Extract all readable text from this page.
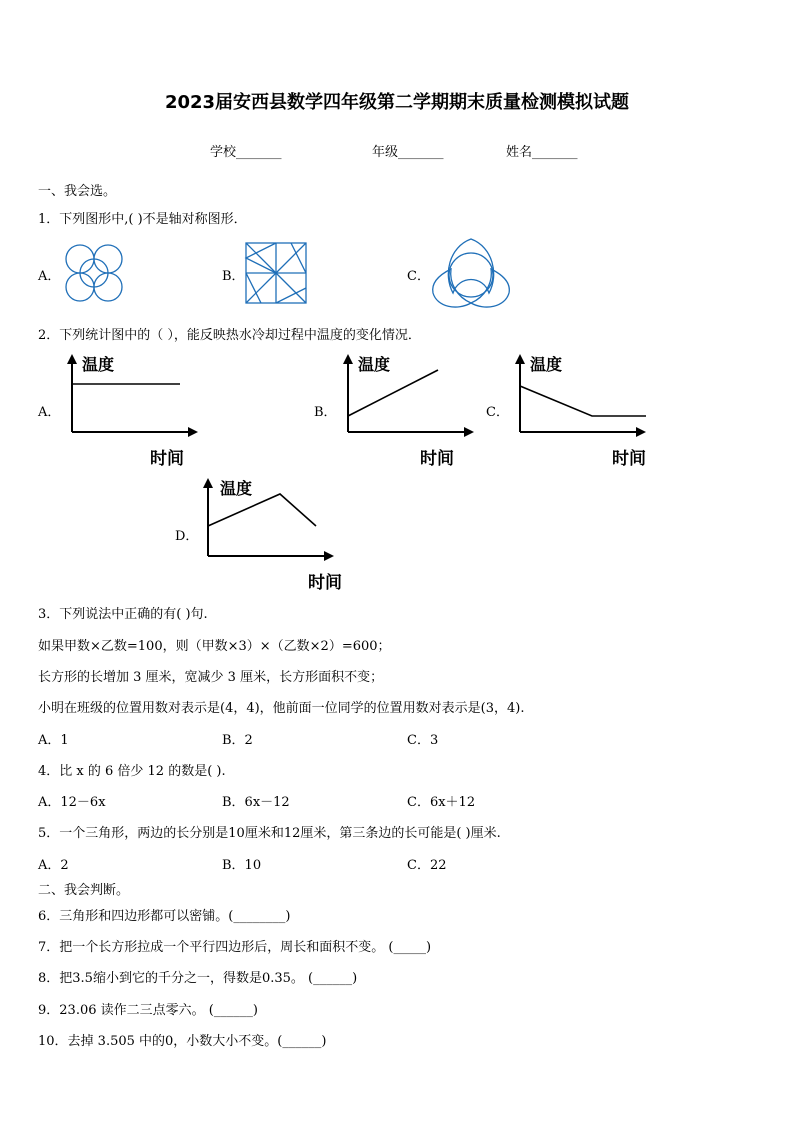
2023届安西县数学四年级第二学期期末质量检测模拟试题
学校_______	年级_______	姓名_______
一、我会选。
1．下列图形中,( )不是轴对称图形．
A．	B．	C．
2．下列统计图中的（ ），能反映热水冷却过程中温度的变化情况．
A．
温度
时间
B．
温度
时间
C．
温度
时间
D．
温度
时间
3．下列说法中正确的有( )句.
如果甲数×乙数=100，则（甲数×3）×（乙数×2）=600；
长方形的长增加 3 厘米，宽减少 3 厘米，长方形面积不变；
小明在班级的位置用数对表示是(4，4)，他前面一位同学的位置用数对表示是(3，4).
A．1	B．2	C．3
4．比 x 的 6 倍少 12 的数是( ).
A．12－6x	B．6x－12	C．6x＋12
5．一个三角形，两边的长分别是10厘米和12厘米，第三条边的长可能是( )厘米.
A．2	B．10	C．22
二、我会判断。
6．三角形和四边形都可以密铺。(________)
7．把一个长方形拉成一个平行四边形后，周长和面积不变。 (_____)
8．把3.5缩小到它的千分之一，得数是0.35。 (______)
9．23.06 读作二三点零六。 (______)
10．去掉 3.505 中的0，小数大小不变。(______)
